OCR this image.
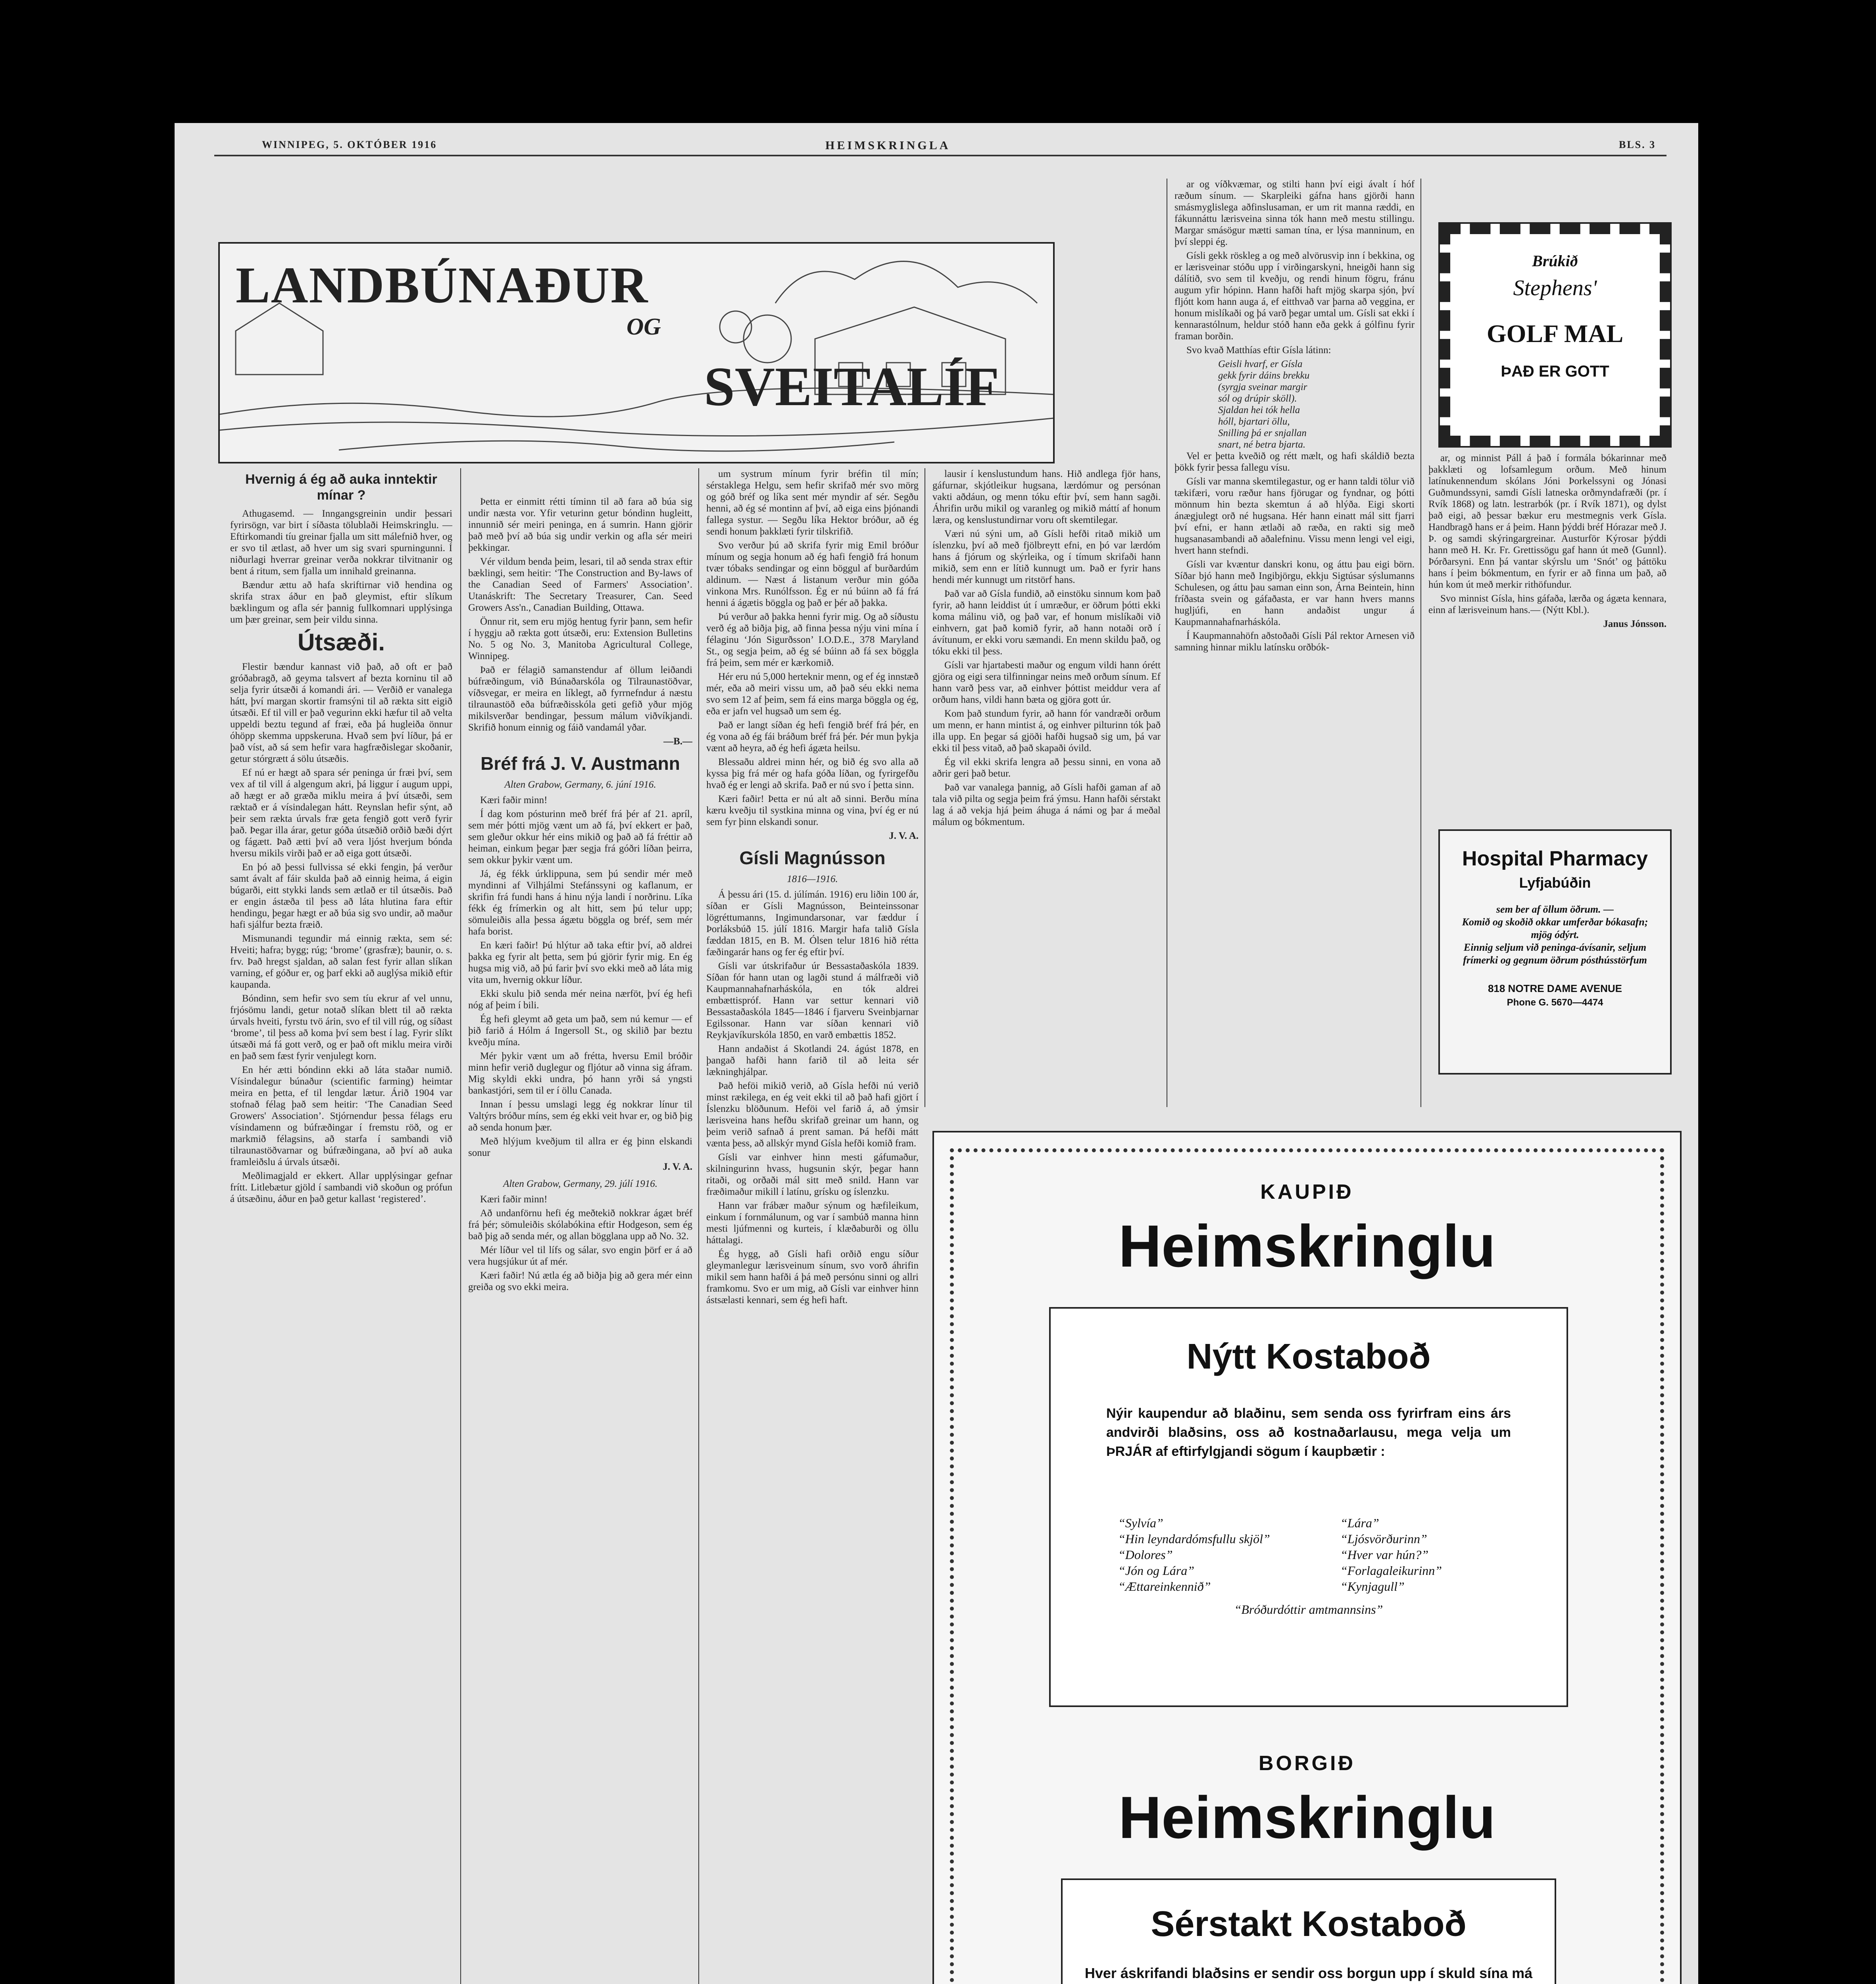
WINNIPEG, 5. OKTÓBER 1916	HEIMSKRINGLA	BLS. 3
LANDBÚNAÐUR
OG
SVEITALÍF
Brúkið
Stephens'
GOLF MAL
ÞAÐ ER GOTT
Hvernig á ég að auka inntektir mínar ?

Athugasemd. — Inngangsgreinin undir þessari fyrirsögn, var birt í síðasta tölublaði Heimskringlu. — Eftirkomandi tíu greinar fjalla um sitt málefnið hver, og er svo til ætlast, að hver um sig svari spurningunni. Í niðurlagi hverrar greinar verða nokkrar tilvitnanir og bent á ritum, sem fjalla um innihald greinanna.

Bændur ættu að hafa skriftirnar við hendina og skrifa strax áður en það gleymist, eftir slíkum bæklingum og afla sér þannig fullkomnari upplýsinga um þær greinar, sem þeir vildu sinna.

Útsæði.

Flestir bændur kannast við það, að oft er það gróðabragð, að geyma talsvert af bezta korninu til að selja fyrir útsæði á komandi ári. — Verðið er vanalega hátt, því margan skortir framsýni til að rækta sitt eigið útsæði. Ef til vill er það vegurinn ekki hæfur til að velta uppeldi beztu tegund af fræi, eða þá hugleiða önnur óhöpp skemma uppskeruna. Hvað sem því líður, þá er það víst, að sá sem hefir vara hagfræðislegar skoðanir, getur stórgrætt á sölu útsæðis.

Ef nú er hægt að spara sér peninga úr fræi því, sem vex af til vill á algengum akri, þá liggur í augum uppi, að hægt er að græða miklu meira á því útsæði, sem ræktað er á vísindalegan hátt. Reynslan hefir sýnt, að þeir sem rækta úrvals fræ geta fengið gott verð fyrir það. Þegar illa árar, getur góða útsæðið orðið bæði dýrt og fágætt. Það ætti því að vera ljóst hverjum bónda hversu mikils virði það er að eiga gott útsæði.

En þó að þessi fullvissa sé ekki fengin, þá verður samt ávalt af fáir skulda það að einnig heima, á eigin búgarði, eitt stykki lands sem ætlað er til útsæðis. Það er engin ástæða til þess að láta hlutina fara eftir hendingu, þegar hægt er að búa sig svo undir, að maður hafi sjálfur bezta fræið.

Mismunandi tegundir má einnig rækta, sem sé: Hveiti; hafra; bygg; rúg; ‘brome’ (grasfræ); baunir, o. s. frv. Það hregst sjaldan, að salan fest fyrir allan slíkan varning, ef góður er, og þarf ekki að auglýsa mikið eftir kaupanda.

Bóndinn, sem hefir svo sem tíu ekrur af vel unnu, frjósömu landi, getur notað slíkan blett til að rækta úrvals hveiti, fyrstu tvö árin, svo ef til vill rúg, og síðast ‘brome’, til þess að koma því sem best í lag. Fyrir slíkt útsæði má fá gott verð, og er það oft miklu meira virði en það sem fæst fyrir venjulegt korn.

En hér ætti bóndinn ekki að láta staðar numið. Vísindalegur búnaður (scientific farming) heimtar meira en þetta, ef til lengdar lætur. Árið 1904 var stofnað félag það sem heitir: ‘The Canadian Seed Growers' Association’. Stjórnendur þessa félags eru vísindamenn og búfræðingar í fremstu röð, og er markmið félagsins, að starfa í sambandi við tilraunastöðvarnar og búfræðingana, að því að auka framleiðslu á úrvals útsæði.

Meðlimagjald er ekkert. Allar upplýsingar gefnar frítt. Litlebætur gjöld í sambandi við skoðun og prófun á útsæðinu, áður en það getur kallast ‘registered’.

Þetta er einmitt rétti tíminn til að fara að búa sig undir næsta vor. Yfir veturinn getur bóndinn hugleitt, innunnið sér meiri peninga, en á sumrin. Hann gjörir það með því að búa sig undir verkin og afla sér meiri þekkingar.

Vér vildum benda þeim, lesari, til að senda strax eftir bæklingi, sem heitir: ‘The Construction and By-laws of the Canadian Seed of Farmers' Association’. Utanáskrift: The Secretary Treasurer, Can. Seed Growers Ass'n., Canadian Building, Ottawa.

Önnur rit, sem eru mjög hentug fyrir þann, sem hefir í hyggju að rækta gott útsæði, eru: Extension Bulletins No. 5 og No. 3, Manitoba Agricultural College, Winnipeg.

Það er félagið samanstendur af öllum leiðandi búfræðingum, við Búnaðarskóla og Tilraunastöðvar, víðsvegar, er meira en líklegt, að fyrrnefndur á næstu tilraunastöð eða búfræðisskóla geti gefið yður mjög mikilsverðar bendingar, þessum málum viðvíkjandi. Skrifið honum einnig og fáið vandamál yðar.

—B.—
Bréf frá J. V. Austmann
Alten Grabow, Germany, 6. júní 1916.

Kæri faðir minn!

Í dag kom pósturinn með bréf frá þér af 21. apríl, sem mér þótti mjög vænt um að fá, því ekkert er það, sem gleður okkur hér eins mikið og það að fá fréttir að heiman, einkum þegar þær segja frá góðri líðan þeirra, sem okkur þykir vænt um.

Já, ég fékk úrklippuna, sem þú sendir mér með myndinni af Vilhjálmi Stefánssyni og kaflanum, er skrifin frá fundi hans á hinu nýja landi í norðrinu. Líka fékk ég frímerkin og alt hitt, sem þú telur upp; sömuleiðis alla þessa ágætu böggla og bréf, sem mér hafa borist.

En kæri faðir! Þú hlýtur að taka eftir því, að aldrei þakka eg fyrir alt þetta, sem þú gjörir fyrir mig. En ég hugsa mig við, að þú farir því svo ekki með að láta mig vita um, hvernig okkur líður.

Ekki skulu þið senda mér neina nærföt, því ég hefi nóg af þeim í bili.

Ég hefi gleymt að geta um það, sem nú kemur — ef þið farið á Hólm á Ingersoll St., og skilið þar beztu kveðju mína.

Mér þykir vænt um að frétta, hversu Emil bróðir minn hefir verið duglegur og fljótur að vinna sig áfram. Mig skyldi ekki undra, þó hann yrði sá yngsti bankastjóri, sem til er í öllu Canada.

Innan í þessu umslagi legg ég nokkrar línur til Valtýrs bróður míns, sem ég ekki veit hvar er, og bið þig að senda honum þær.

Með hlýjum kveðjum til allra er ég þinn elskandi sonur

J. V. A.
Alten Grabow, Germany, 29. júlí 1916.

Kæri faðir minn!

Að undanförnu hefi ég meðtekið nokkrar ágæt bréf frá þér; sömuleiðis skólabókina eftir Hodgeson, sem ég bað þig að senda mér, og allan bögglana upp að No. 32.

Mér líður vel til lífs og sálar, svo engin þörf er á að vera hugsjúkur út af mér.

Kæri faðir! Nú ætla ég að biðja þig að gera mér einn greiða og svo ekki meira.

um systrum mínum fyrir bréfin til mín; sérstaklega Helgu, sem hefir skrifað mér svo mörg og góð bréf og líka sent mér myndir af sér. Segðu henni, að ég sé montinn af því, að eiga eins þjónandi fallega systur. — Segðu líka Hektor bróður, að ég sendi honum þakklæti fyrir tilskrifið.

Svo verður þú að skrifa fyrir mig Emil bróður mínum og segja honum að ég hafi fengið frá honum tvær tóbaks sendingar og einn böggul af burðardúm aldinum. — Næst á listanum verður min góða vinkona Mrs. Runólfsson. Ég er nú búinn að fá frá henni á ágætis böggla og það er þér að þakka.

Þú verður að þakka henni fyrir mig. Og að síðustu verð ég að biðja þig, að finna þessa nýju vini mína í félaginu ‘Jón Sigurðsson’ I.O.D.E., 378 Maryland St., og segja þeim, að ég sé búinn að fá sex böggla frá þeim, sem mér er kærkomið.

Hér eru nú 5,000 herteknir menn, og ef ég innstæð mér, eða að meiri vissu um, að það séu ekki nema svo sem 12 af þeim, sem fá eins marga böggla og ég, eða er jafn vel hugsað um sem ég.

Það er langt síðan ég hefi fengið bréf frá þér, en ég vona að ég fái bráðum bréf frá þér. Þér mun þykja vænt að heyra, að ég hefi ágæta heilsu.

Blessaðu aldrei minn hér, og bið ég svo alla að kyssa þig frá mér og hafa góða líðan, og fyrirgefðu hvað ég er lengi að skrifa. Það er nú svo í þetta sinn.

Kæri faðir! Þetta er nú alt að sinni. Berðu mína kæru kveðju til systkina minna og vina, því ég er nú sem fyr þinn elskandi sonur.

J. V. A.
Gísli Magnússon
1816—1916.

Á þessu ári (15. d. júlímán. 1916) eru liðin 100 ár, síðan er Gísli Magnússon, Beinteinssonar lögréttumanns, Ingimundarsonar, var fæddur í Þorláksbúð 15. júlí 1816. Margir hafa talið Gísla fæddan 1815, en B. M. Ólsen telur 1816 hið rétta fæðingarár hans og fer ég eftir því.

Gísli var útskrifaður úr Bessastaðaskóla 1839. Síðan fór hann utan og lagði stund á málfræði við Kaupmannahafnarháskóla, en tók aldrei embættispróf. Hann var settur kennari við Bessastaðaskóla 1845—1846 í fjarveru Sveinbjarnar Egilssonar. Hann var síðan kennari við Reykjavíkurskóla 1850, en varð embættis 1852.

Hann andaðist á Skotlandi 24. ágúst 1878, en þangað hafði hann farið til að leita sér lækninghjálpar.

Það heföi mikið verið, að Gísla hefði nú verið minst rækilega, en ég veit ekki til að það hafi gjört í Íslenzku blöðunum. Heföi vel farið á, að ýmsir lærisveina hans hefðu skrifað greinar um hann, og þeim verið safnað á prent saman. Þá hefði mátt vænta þess, að allskýr mynd Gísla hefði komið fram.

Gísli var einhver hinn mesti gáfumaður, skilningurinn hvass, hugsunin skýr, þegar hann ritaði, og orðaði mál sitt með snild. Hann var fræðimaður mikill í latínu, grísku og íslenzku.

Hann var frábær maður sýnum og hæfileikum, einkum í fornmálunum, og var í sambúð manna hinn mesti ljúfmenni og kurteis, í klæðaburði og öllu háttalagi.

Ég hygg, að Gísli hafi orðið engu síður gleymanlegur lærisveinum sínum, svo vorð áhrifin mikil sem hann hafði á þá með persónu sinni og allri framkomu. Svo er um mig, að Gísli var einhver hinn ástsælasti kennari, sem ég hefi haft.

lausir í kenslustundum hans. Hið andlega fjör hans, gáfurnar, skjótleikur hugsana, lærdómur og persónan vakti aðdáun, og menn tóku eftir því, sem hann sagði. Áhrifin urðu mikil og varanleg og mikið máttí af honum læra, og kenslustundirnar voru oft skemtilegar.

Væri nú sýni um, að Gísli hefði ritað mikið um íslenzku, því að með fjölbreytt efni, en þó var lærdóm hans á fjórum og skýrleika, og í tímum skrifaði hann mikið, sem enn er lítið kunnugt um. Það er fyrir hans hendi mér kunnugt um ritstörf hans.

Það var að Gísla fundið, að einstöku sinnum kom það fyrir, að hann leiddist út í umræður, er öðrum þótti ekki koma málinu við, og það var, ef honum mislíkaði við einhvern, gat það komið fyrir, að hann notaði orð í ávítunum, er ekki voru sæmandi. En menn skildu það, og tóku ekki til þess.

Gísli var hjartabesti maður og engum vildi hann órétt gjöra og eigi sera tilfinningar neins með orðum sínum. Ef hann varð þess var, að einhver þóttist meiddur vera af orðum hans, vildi hann bæta og gjöra gott úr.

Kom það stundum fyrir, að hann fór vandræði orðum um menn, er hann mintist á, og einhver pilturinn tók það illa upp. En þegar sá gjöði hafði hugsað sig um, þá var ekki til þess vitað, að það skapaði óvild.

Ég vil ekki skrifa lengra að þessu sinni, en vona að aðrir geri það betur.

Það var vanalega þannig, að Gísli hafði gaman af að tala við pilta og segja þeim frá ýmsu. Hann hafði sérstakt lag á að vekja hjá þeim áhuga á námi og þar á meðal málum og bókmentum.

ar og víðkvæmar, og stilti hann því eigi ávalt í hóf ræðum sínum. — Skarpleiki gáfna hans gjörði hann smásmyglislega aðfinslusaman, er um rit manna ræddi, en fákunnáttu lærisveina sinna tók hann með mestu stillingu. Margar smásögur mætti saman tína, er lýsa manninum, en því sleppi ég.

Gísli gekk röskleg a og með alvörusvip inn í bekkina, og er lærisveinar stóðu upp í virðingarskyni, hneigði hann sig dálítið, svo sem til kveðju, og rendi hinum fögru, fránu augum yfir hópinn. Hann hafði haft mjög skarpa sjón, því fljótt kom hann auga á, ef eitthvað var þarna að veggina, er honum mislíkaði og þá varð þegar umtal um. Gísli sat ekki í kennarastólnum, heldur stóð hann eða gekk á gólfinu fyrir framan borðin.

Svo kvað Matthías eftir Gísla látinn:

Geisli hvarf, er Gísla
gekk fyrir dáins brekku
(syrgja sveinar margir
sól og drúpir sköll).
Sjaldan hei tók hella
hóll, bjartari öllu,
Snilling þá er snjallan
snart, né betra bjarta.

Vel er þetta kveðið og rétt mælt, og hafi skáldið bezta þökk fyrir þessa fallegu vísu.

Gísli var manna skemtilegastur, og er hann taldi tölur við tækifæri, voru ræður hans fjörugar og fyndnar, og þótti mönnum hin bezta skemtun á að hlýða. Eigi skorti ánægjulegt orð né hugsana. Hér hann einatt mál sitt fjarri því efni, er hann ætlaði að ræða, en rakti sig með hugsanasambandi að aðalefninu. Vissu menn lengi vel eigi, hvert hann stefndi.

Gísli var kvæntur danskri konu, og áttu þau eigi börn. Síðar bjó hann með Ingibjörgu, ekkju Sigtúsar sýslumanns Schulesen, og áttu þau saman einn son, Árna Beintein, hinn fríðasta svein og gáfaðasta, er var hann hvers manns hugljúfi, en hann andaðist ungur á Kaupmannahafnarháskóla.

Í Kaupmannahöfn aðstoðaði Gísli Pál rektor Arnesen við samning hinnar miklu latínsku orðbók-

ar, og minnist Páll á það í formála bókarinnar með þakklæti og lofsamlegum orðum. Með hinum latínukennendum skólans Jóni Þorkelssyni og Jónasi Guðmundssyni, samdi Gísli latneska orðmyndafræði (pr. í Rvík 1868) og latn. lestrarbók (pr. í Rvík 1871), og dylst það eigi, að þessar bækur eru mestmegnis verk Gísla. Handbragð hans er á þeim. Hann þýddi bréf Hórazar með J. Þ. og samdi skýringargreinar. Austurför Kýrosar þýddi hann með H. Kr. Fr. Grettissögu gaf hann út með ⟨Gunnl⟩. Þórðarsyni. Enn þá vantar skýrslu um ‘Snót’ og þáttöku hans í þeim bókmentum, en fyrir er að finna um það, að hún kom út með merkir rithöfundur.

Svo minnist Gísla, hins gáfaða, lærða og ágæta kennara, einn af lærisveinum hans.— (Nýtt Kbl.).

Janus Jónsson.
Hospital Pharmacy
Lyfjabúðin
sem ber af öllum öðrum. —
Komið og skoðið okkar umferðar bókasafn; mjög ódýrt.
Einnig seljum við peninga-ávísanir, seljum frímerki og gegnum öðrum pósthússtörfum
818 NOTRE DAME AVENUE
Phone G. 5670—4474
KAUPIÐ
Heimskringlu
Nýtt Kostaboð
Nýir kaupendur að blaðinu, sem senda oss fyrirfram eins árs andvirði blaðsins, oss að kostnaðarlausu, mega velja um ÞRJÁR af eftirfylgjandi sögum í kaupbætir :
“Sylvía”
“Hin leyndardómsfullu skjöl”
“Dolores”
“Jón og Lára”
“Ættareinkennið”
“Lára”
“Ljósvörðurinn”
“Hver var hún?”
“Forlagaleikurinn”
“Kynjagull”
“Bróðurdóttir amtmannsins”
BORGIÐ
Heimskringlu
Sérstakt Kostaboð
Hver áskrifandi blaðsins er sendir oss borgun upp í skuld sína má
